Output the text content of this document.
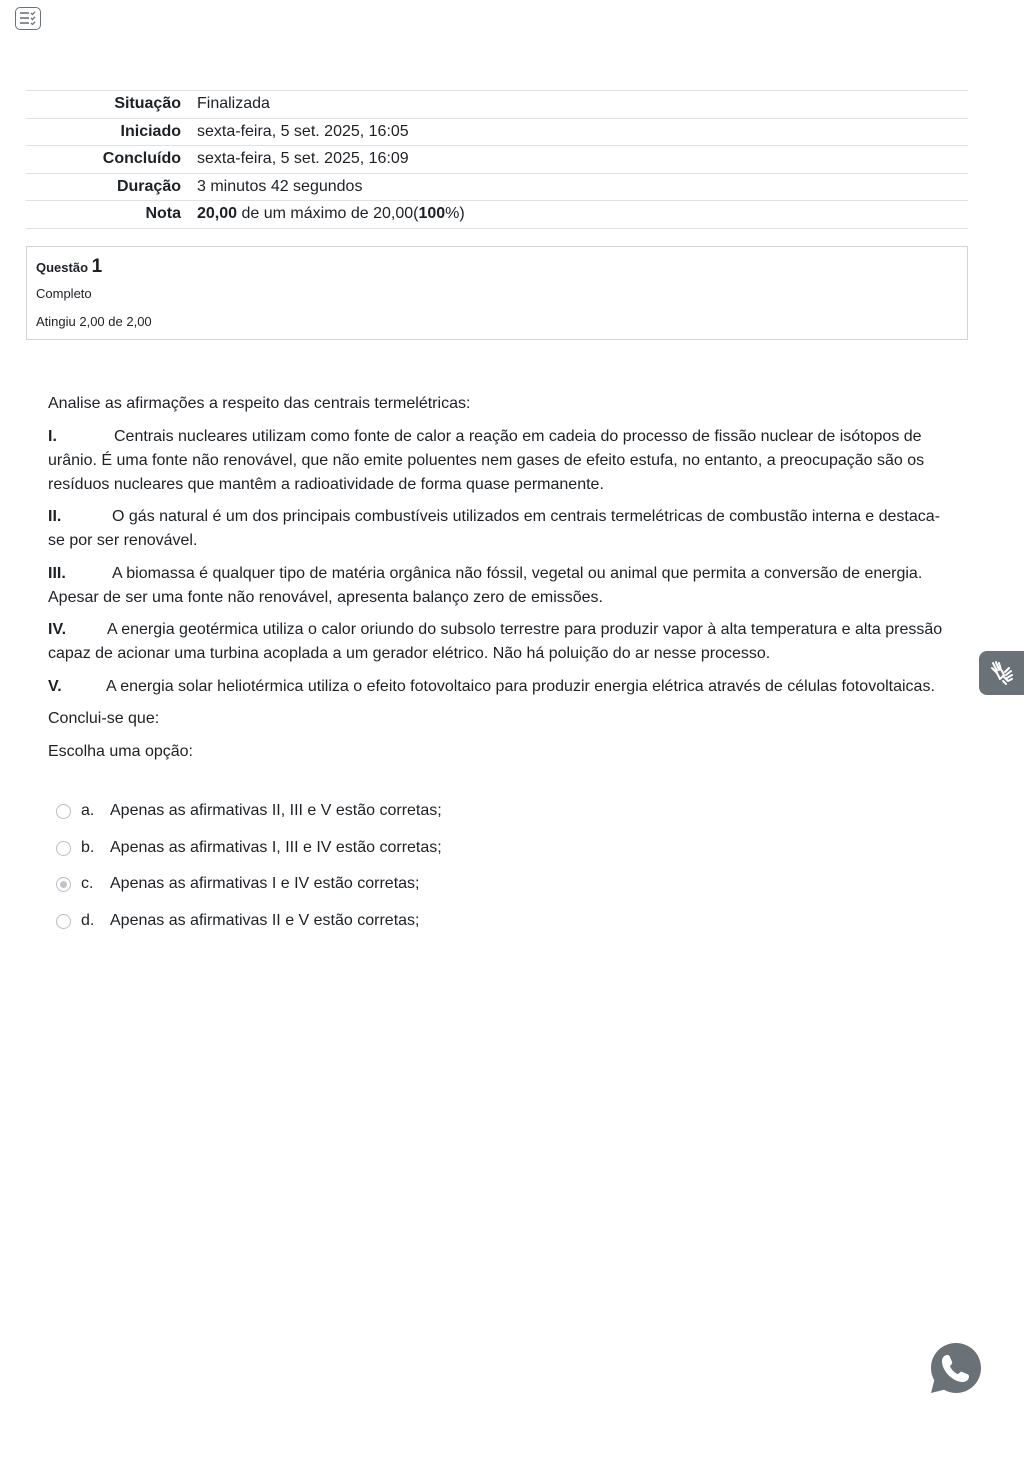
Situação	Finalizada
Iniciado	sexta-feira, 5 set. 2025, 16:05
Concluído	sexta-feira, 5 set. 2025, 16:09
Duração	3 minutos 42 segundos
Nota	20,00 de um máximo de 20,00(100%)
Questão 1
Completo
Atingiu 2,00 de 2,00

Analise as afirmações a respeito das centrais termelétricas:

I.	Centrais nucleares utilizam como fonte de calor a reação em cadeia do processo de fissão nuclear de isótopos de urânio. É uma fonte não renovável, que não emite poluentes nem gases de efeito estufa, no entanto, a preocupação são os resíduos nucleares que mantêm a radioatividade de forma quase permanente.

II.	O gás natural é um dos principais combustíveis utilizados em centrais termelétricas de combustão interna e destaca-se por ser renovável.

III.	A biomassa é qualquer tipo de matéria orgânica não fóssil, vegetal ou animal que permita a conversão de energia. Apesar de ser uma fonte não renovável, apresenta balanço zero de emissões.

IV.	A energia geotérmica utiliza o calor oriundo do subsolo terrestre para produzir vapor à alta temperatura e alta pressão capaz de acionar uma turbina acoplada a um gerador elétrico. Não há poluição do ar nesse processo.

V.	A energia solar heliotérmica utiliza o efeito fotovoltaico para produzir energia elétrica através de células fotovoltaicas.

Conclui-se que:

Escolha uma opção:

a. Apenas as afirmativas II, III e V estão corretas;
b. Apenas as afirmativas I, III e IV estão corretas;
c. Apenas as afirmativas I e IV estão corretas;
d. Apenas as afirmativas II e V estão corretas;
